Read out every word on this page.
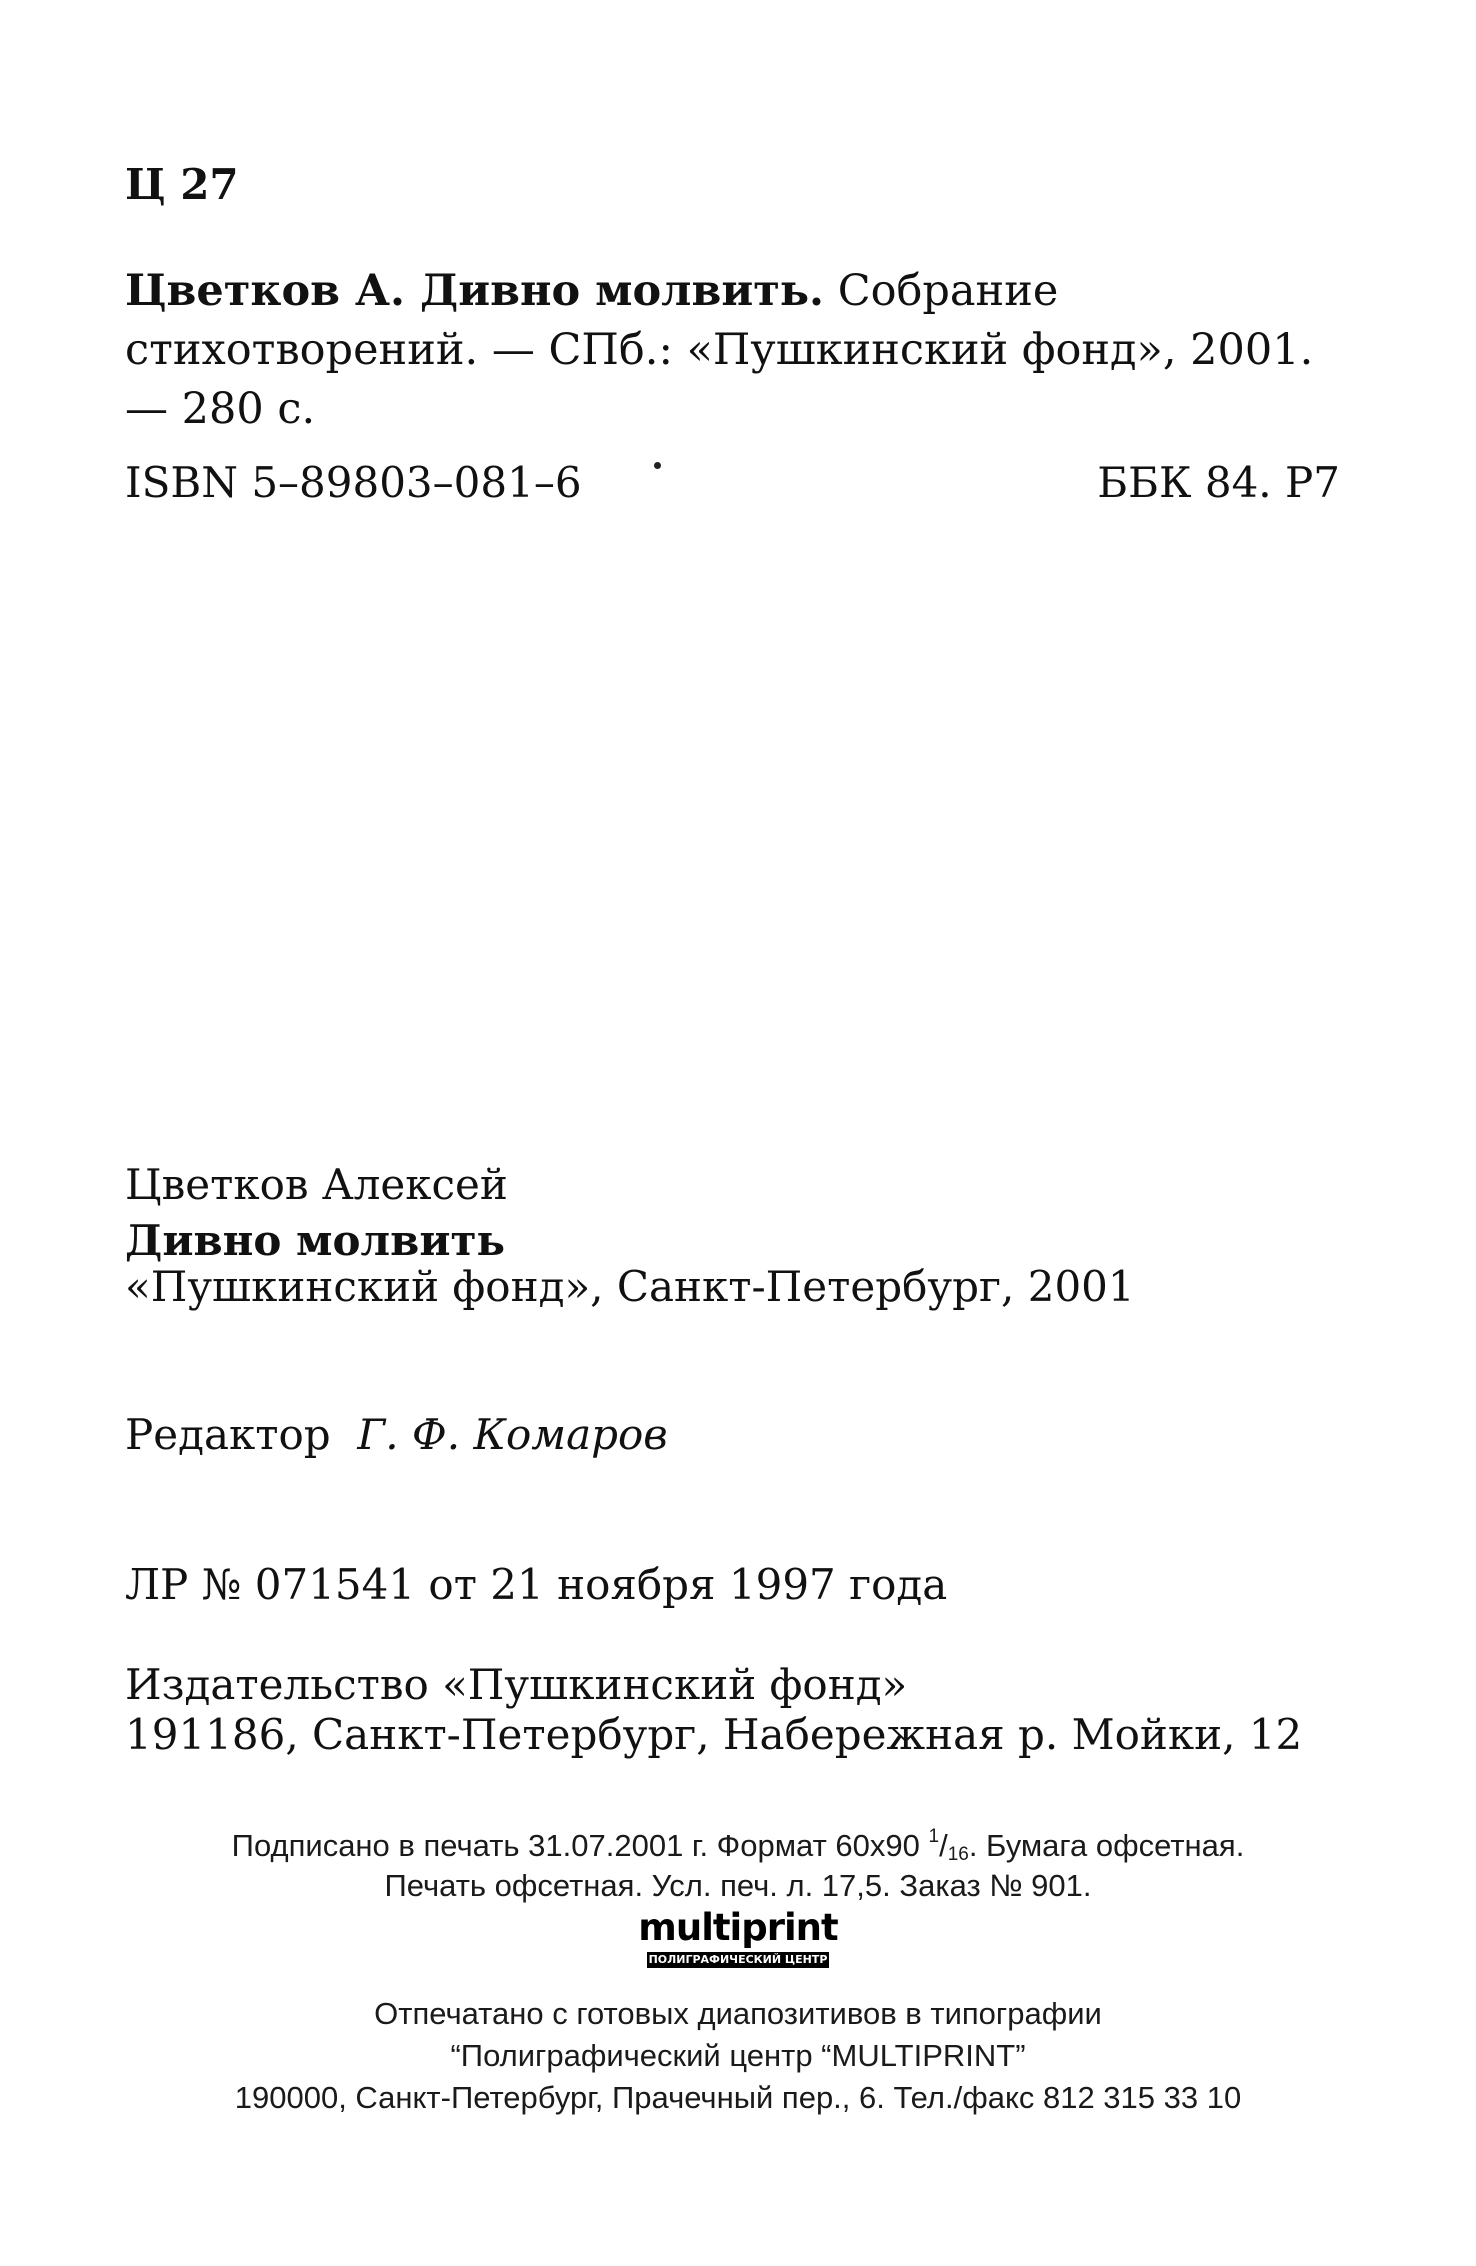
Ц 27
Цветков А. Дивно молвить. Собрание стихотворений. — СПб.: «Пушкинский фонд», 2001. — 280 с.
ISBN 5–89803–081–6	ББК 84. Р7
Цветков Алексей
Дивно молвить
«Пушкинский фонд», Санкт-Петербург, 2001
Редактор Г. Ф. Комаров
ЛР № 071541 от 21 ноября 1997 года
Издательство «Пушкинский фонд»
191186, Санкт-Петербург, Набережная р. Мойки, 12
Подписано в печать 31.07.2001 г. Формат 60x90 $^1/_{16}$. Бумага офсетная.
Печать офсетная. Усл. печ. л. 17,5. Заказ № 901.
multiprint
ПОЛИГРАФИЧЕСКИЙ ЦЕНТР
Отпечатано с готовых диапозитивов в типографии
“Полиграфический центр “MULTIPRINT”
190000, Санкт-Петербург, Прачечный пер., 6. Тел./факс 812 315 33 10
